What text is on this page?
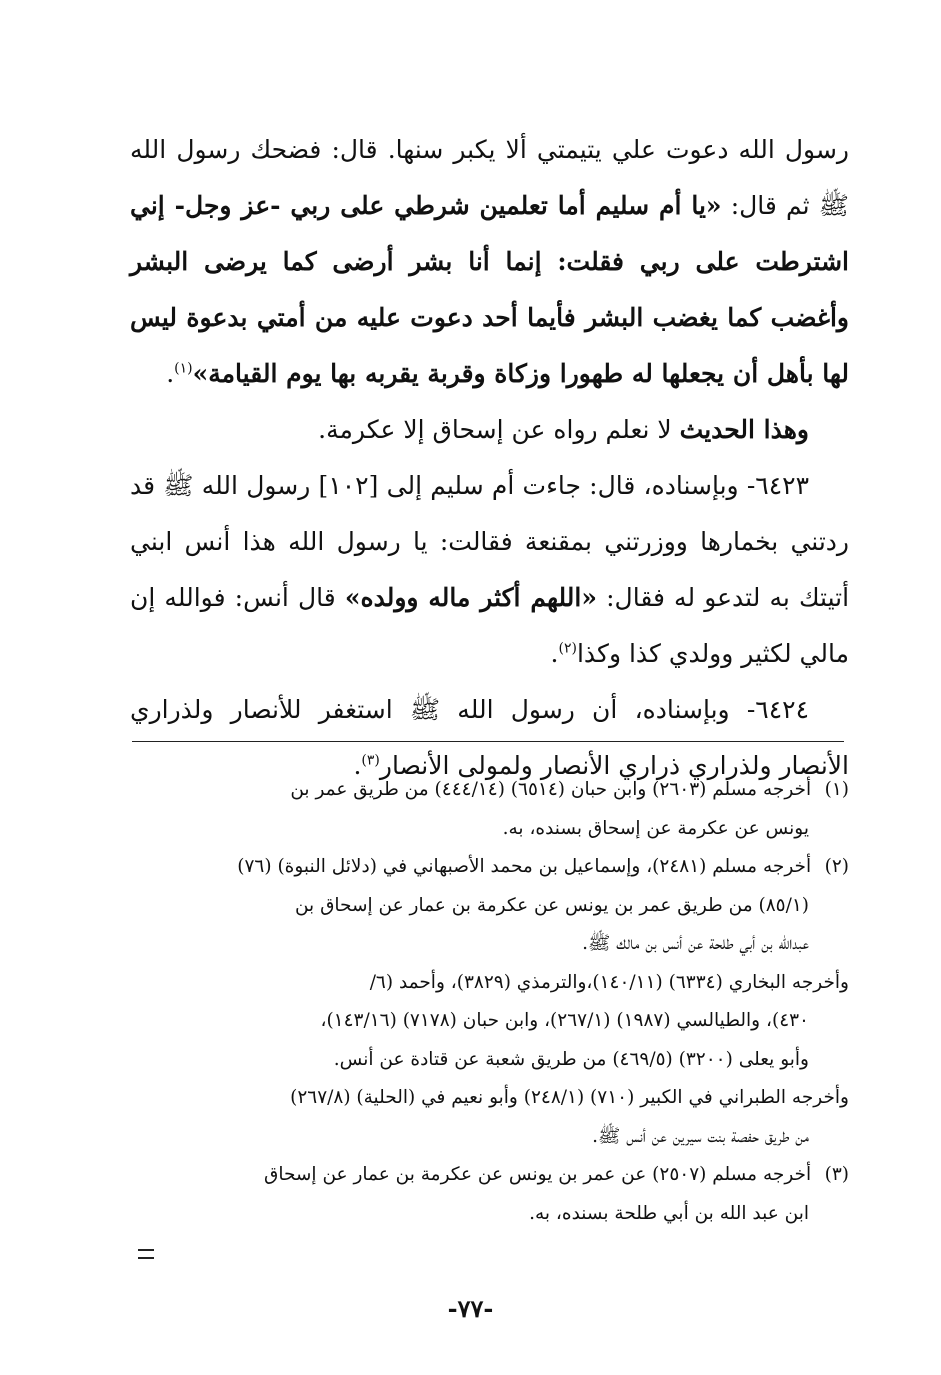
رسول الله دعوت علي يتيمتي ألا يكبر سنها. قال: فضحك رسول الله ﷺ ثم قال: «يا أم سليم أما تعلمين شرطي على ربي -عز وجل- إني اشترطت على ربي فقلت: إنما أنا بشر أرضى كما يرضى البشر وأغضب كما يغضب البشر فأيما أحد دعوت عليه من أمتي بدعوة ليس لها بأهل أن يجعلها له طهورا وزكاة وقربة يقربه بها يوم القيامة»$^{(١)}$.

وهذا الحديث لا نعلم رواه عن إسحاق إلا عكرمة.

٦٤٢٣- وبإسناده، قال: جاءت أم سليم إلى [١٠٢] رسول الله ﷺ قد ردتني بخمارها ووزرتني بمقنعة فقالت: يا رسول الله هذا أنس ابني أتيتك به لتدعو له فقال: «اللهم أكثر ماله وولده» قال أنس: فوالله إن مالي لكثير وولدي كذا وكذا$^{(٢)}$.

٦٤٢٤- وبإسناده، أن رسول الله ﷺ استغفر للأنصار ولذراري الأنصار ولذراري ذراري الأنصار ولمولى الأنصار$^{(٣)}$.

(١) أخرجه مسلم (٢٦٠٣) وابن حبان (٦٥١٤) (٤٤٤/١٤) من طريق عمر بن
يونس عن عكرمة عن إسحاق بسنده، به.
(٢) أخرجه مسلم (٢٤٨١)، وإسماعيل بن محمد الأصبهاني في (دلائل النبوة) (٧٦)
(٨٥/١) من طريق عمر بن يونس عن عكرمة بن عمار عن إسحاق بن
عبدالله بن أبي طلحة عن أنس بن مالك ﷺ.
وأخرجه البخاري (٦٣٣٤) (١٤٠/١١)،والترمذي (٣٨٢٩)، وأحمد (٦/
٤٣٠)، والطيالسي (١٩٨٧) (٢٦٧/١)، وابن حبان (٧١٧٨) (١٤٣/١٦)،
وأبو يعلى (٣٢٠٠) (٤٦٩/٥) من طريق شعبة عن قتادة عن أنس.
وأخرجه الطبراني في الكبير (٧١٠) (٢٤٨/١) وأبو نعيم في (الحلية) (٢٦٧/٨)
من طريق حفصة بنت سيرين عن أنس ﷺ.
(٣) أخرجه مسلم (٢٥٠٧) عن عمر بن يونس عن عكرمة بن عمار عن إسحاق
ابن عبد الله بن أبي طلحة بسنده، به.
-٧٧-
